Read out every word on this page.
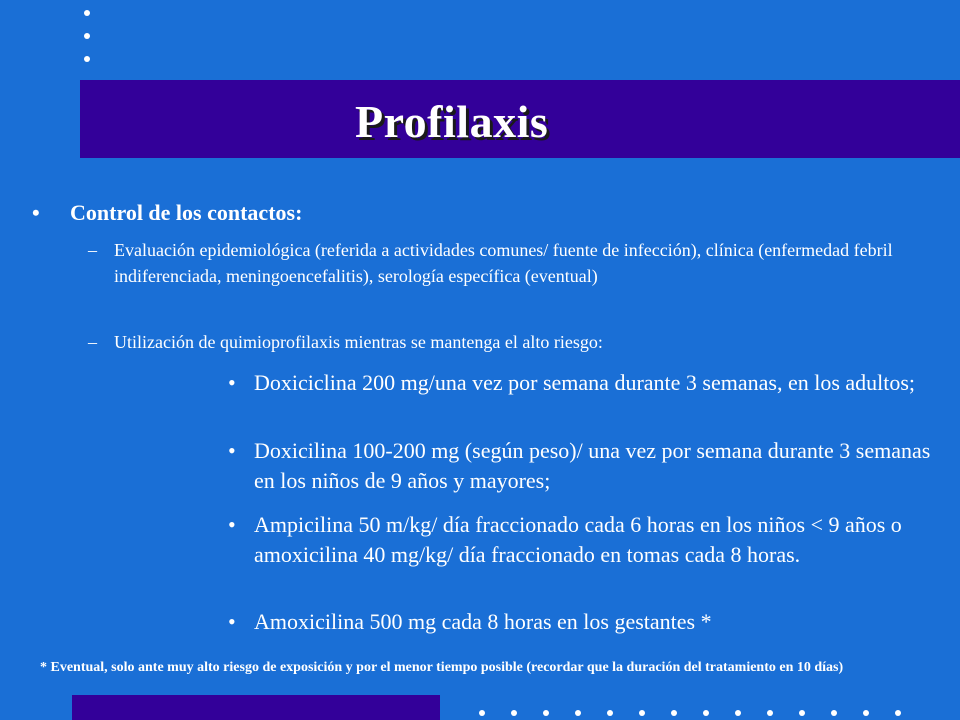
Profilaxis
• Control de los contactos:
– Evaluación epidemiológica (referida a actividades comunes/ fuente de infección), clínica (enfermedad febril indiferenciada, meningoencefalitis), serología específica (eventual)
– Utilización de quimioprofilaxis mientras se mantenga el alto riesgo:
• Doxiciclina 200 mg/una vez por semana durante 3 semanas, en los adultos;
• Doxicilina 100-200 mg (según peso)/ una vez por semana durante 3 semanas en los niños de 9 años y mayores;
• Ampicilina 50 m/kg/ día fraccionado cada 6 horas en los niños < 9 años o amoxicilina 40 mg/kg/ día fraccionado en tomas cada 8 horas.
• Amoxicilina 500 mg cada 8 horas en los gestantes *

* Eventual, solo ante muy alto riesgo de exposición y por el menor tiempo posible (recordar que la duración del tratamiento en 10 días)
